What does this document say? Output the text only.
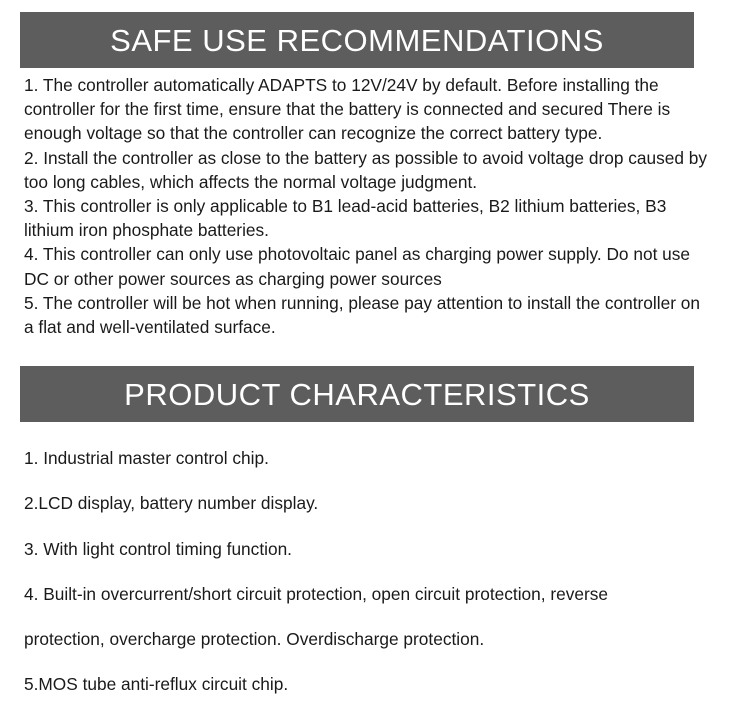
SAFE USE RECOMMENDATIONS
1. The controller automatically ADAPTS to 12V/24V by default. Before installing the controller for the first time, ensure that the battery is connected and secured There is enough voltage so that the controller can recognize the correct battery type.
2. Install the controller as close to the battery as possible to avoid voltage drop caused by too long cables, which affects the normal voltage judgment.
3. This controller is only applicable to B1 lead-acid batteries, B2 lithium batteries, B3 lithium iron phosphate batteries.
4. This controller can only use photovoltaic panel as charging power supply. Do not use DC or other power sources as charging power sources
5. The controller will be hot when running, please pay attention to install the controller on a flat and well-ventilated surface.
PRODUCT CHARACTERISTICS
1. Industrial master control chip.
2.LCD display, battery number display.
3. With light control timing function.
4. Built-in overcurrent/short circuit protection, open circuit protection, reverse
protection, overcharge protection. Overdischarge protection.
5.MOS tube anti-reflux circuit chip.
